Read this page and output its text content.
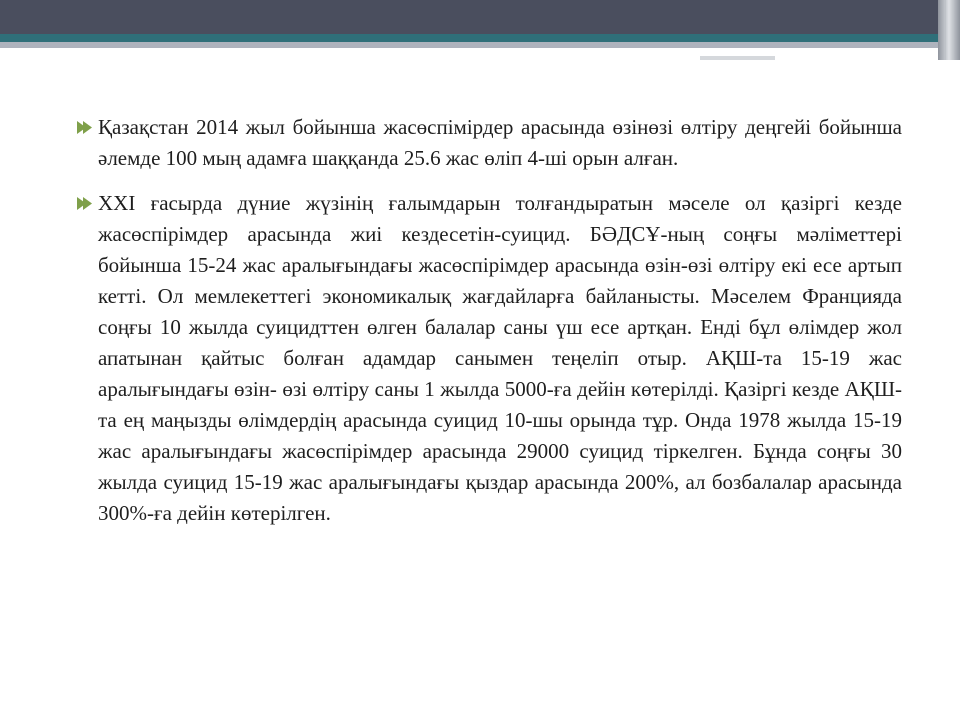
Қазақстан 2014 жыл бойынша жасөспімірдер арасында өзінөзі өлтіру деңгейі бойынша әлемде 100 мың адамға шаққанда 25.6 жас өліп 4-ші орын алған.
XXI ғасырда дүние жүзінің ғалымдарын толғандыратын мәселе ол қазіргі кезде жасөспірімдер арасында жиі кездесетін-суицид. БӘДСҰ-ның соңғы мәліметтері бойынша 15-24 жас аралығындағы жасөспірімдер арасында өзін-өзі өлтіру екі есе артып кетті. Ол мемлекеттегі экономикалық жағдайларға байланысты. Мәселем Францияда соңғы 10 жылда суицидттен өлген балалар саны үш есе артқан. Енді бұл өлімдер жол апатынан қайтыс болған адамдар санымен теңеліп отыр. АҚШ-та 15-19 жас аралығындағы өзін- өзі өлтіру саны 1 жылда 5000-ға дейін көтерілді. Қазіргі кезде АҚШ-та ең маңызды өлімдердің арасында суицид 10-шы орында тұр. Онда 1978 жылда 15-19 жас аралығындағы жасөспірімдер арасында 29000 суицид тіркелген. Бұнда соңғы 30 жылда суицид 15-19 жас аралығындағы қыздар арасында 200%, ал бозбалалар арасында 300%-ға дейін көтерілген.
